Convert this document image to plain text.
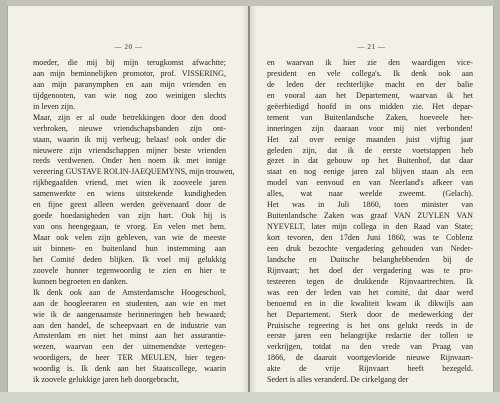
— 20 —
moeder, die mij bij mijn terugkomst afwachtte;
aan mijn beminnelijken promotor, prof. VISSERING,
aan mijn paranymphen en aan mijn vrienden en
tijdgenooten, van wie nog zoo weinigen slechts
in leven zijn.
Maar, zijn er al oude betrekkingen door den dood
verbroken, nieuwe vriendschapsbanden zijn ont-
staan, waarin ik mij verheug; helaas! ook onder die
nieuwere zijn vriendschappen mijner beste vrienden
reeds verdwenen. Onder hen noem ik met innige
vereering GUSTAVE ROLIN-JAEQUEMYNS, mijn trouwen,
rijkbegaafden vriend, met wien ik zooveele jaren
samenwerkte en wiens uitstekende kundigheden
en fijne geest alleen werden geëvenaard door de
goede hoedanigheden van zijn hart. Ook hij is
van ons heengegaan, te vroeg. En velen met hem.
Maar ook velen zijn gebleven, van wie de meeste
uit binnen- en buitenland hun instemming aan
het Comité deden blijken. Ik voel mij gelukkig
zoovele hunner tegenwoordig te zien en hier te
kunnen begroeten en danken.
Ik denk ook aan de Amsterdamsche Hoogeschool,
aan de hoogleeraren en studenten, aan wie en met
wie ik de aangenaamste herinneringen heb bewaard;
aan den handel, de scheepvaart en de industrie van
Amsterdam en niet het minst aan het assurantie-
wezen, waarvan een der uitnemendste vertegen-
woordigers, de heer TER MEULEN, hier tegen-
woordig is. Ik denk aan het Staatscollege, waarin
ik zoovele gelukkige jaren heb doorgebracht,
— 21 —
en waarvan ik hier zie den waardigen vice-
president en vele collega's. Ik denk ook aan
de leden der rechterlijke macht en der balie
en vooral aan het Departement, waarvan ik het
geëerbiedigd hoofd in ons midden zie. Het depar-
tement van Buitenlandsche Zaken, hoeveele her-
inneringen zijn daaraan voor mij niet verbonden!
Het zal over eenige maanden juist vijftig jaar
geleden zijn, dat ik de eerste voetstappen heb
gezet in dat gebouw op het Buitenhof, dat daar
staat en nog eenige jaren zal blijven staan als een
model van eenvoud en van Neerland's afkeer van
alles, wat naar weelde zweemt. (Gelach).
Het was in Juli 1860, toen minister van
Buitenlandsche Zaken was graaf VAN ZUYLEN VAN
NYEVELT, later mijn collega in den Raad van State;
kort tevoren, den 17den Juni 1860, was te Coblenz
een druk bezochte vergadering gehouden van Neder-
landsche en Duitsche belanghebbenden bij de
Rijnvaart; het doel der vergadering was te pro-
testeeren tegen de drukkende Rijnvaartrechten. Ik
was een der leden van het comité, dat daar werd
benoemd en in die kwaliteit kwam ik dikwijls aan
het Departement. Sterk door de medewerking der
Pruisische regeering is het ons gelukt reeds in de
eerste jaren een belangrijke redactie der tollen te
verkrijgen, totdat na den vrede van Praag van
1866, de daaruit voortgevloeide nieuwe Rijnvaart-
akte de vrije Rijnvaart heeft bezegeld.
Sedert is alles veranderd. De cirkelgang der
